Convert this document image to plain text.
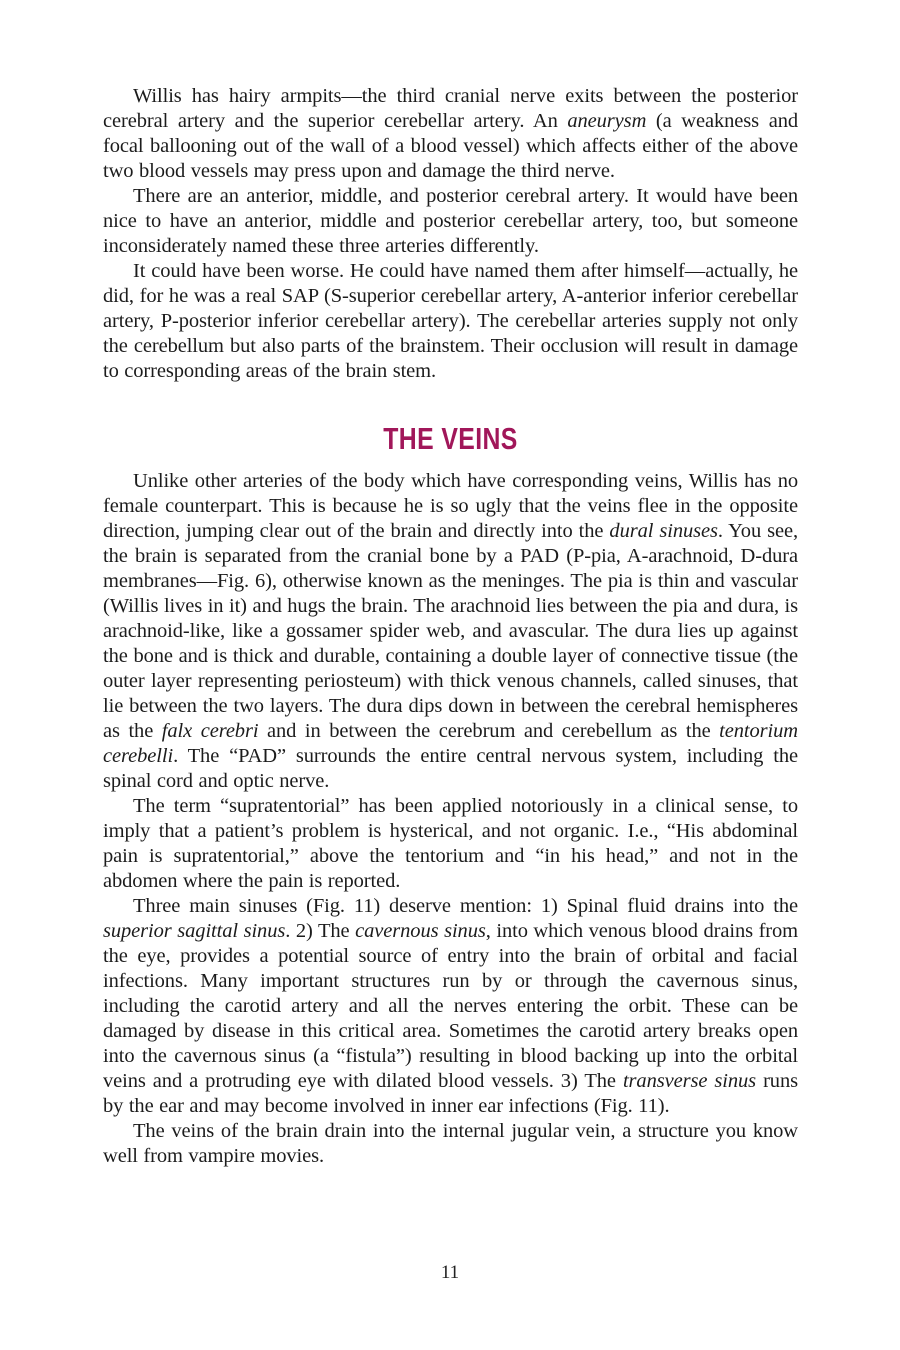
Willis has hairy armpits—the third cranial nerve exits between the posterior cerebral artery and the superior cerebellar artery. An aneurysm (a weakness and focal ballooning out of the wall of a blood vessel) which affects either of the above two blood vessels may press upon and damage the third nerve.

There are an anterior, middle, and posterior cerebral artery. It would have been nice to have an anterior, middle and posterior cerebellar artery, too, but someone inconsiderately named these three arteries differently.

It could have been worse. He could have named them after himself—actually, he did, for he was a real SAP (S-superior cerebellar artery, A-anterior inferior cerebellar artery, P-posterior inferior cerebellar artery). The cerebellar arteries supply not only the cerebellum but also parts of the brainstem. Their occlusion will result in damage to corresponding areas of the brain stem.

THE VEINS

Unlike other arteries of the body which have corresponding veins, Willis has no female counterpart. This is because he is so ugly that the veins flee in the opposite direction, jumping clear out of the brain and directly into the dural sinuses. You see, the brain is separated from the cranial bone by a PAD (P-pia, A-arachnoid, D-dura membranes—Fig. 6), otherwise known as the meninges. The pia is thin and vascular (Willis lives in it) and hugs the brain. The arachnoid lies between the pia and dura, is arachnoid-like, like a gossamer spider web, and avascular. The dura lies up against the bone and is thick and durable, containing a double layer of connective tissue (the outer layer representing periosteum) with thick venous channels, called sinuses, that lie between the two layers. The dura dips down in between the cerebral hemispheres as the falx cerebri and in between the cerebrum and cerebellum as the tentorium cerebelli. The “PAD” surrounds the entire central nervous system, including the spinal cord and optic nerve.

The term “supratentorial” has been applied notoriously in a clinical sense, to imply that a patient’s problem is hysterical, and not organic. I.e., “His abdominal pain is supratentorial,” above the tentorium and “in his head,” and not in the abdomen where the pain is reported.

Three main sinuses (Fig. 11) deserve mention: 1) Spinal fluid drains into the superior sagittal sinus. 2) The cavernous sinus, into which venous blood drains from the eye, provides a potential source of entry into the brain of orbital and facial infections. Many important structures run by or through the cavernous sinus, including the carotid artery and all the nerves entering the orbit. These can be damaged by disease in this critical area. Sometimes the carotid artery breaks open into the cavernous sinus (a “fistula”) resulting in blood backing up into the orbital veins and a protruding eye with dilated blood vessels. 3) The transverse sinus runs by the ear and may become involved in inner ear infections (Fig. 11).

The veins of the brain drain into the internal jugular vein, a structure you know well from vampire movies.

11
